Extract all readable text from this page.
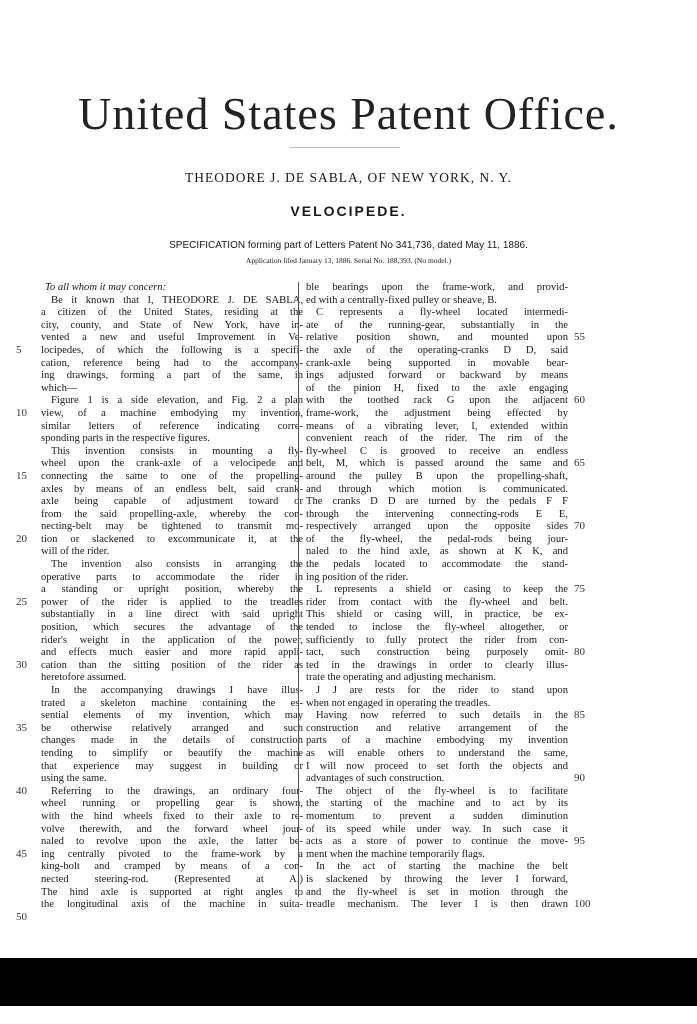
United States Patent Office.

THEODORE J. DE SABLA, OF NEW YORK, N. Y.

VELOCIPEDE.

SPECIFICATION forming part of Letters Patent No 341,736, dated May 11, 1886.

Application filed January 13, 1886. Serial No. 188,393. (No model.)

To all whom it may concern:
Be it known that I, THEODORE J. DE SABLA,
a citizen of the United States, residing at the
city, county, and State of New York, have in-
vented a new and useful Improvement in Ve-
locipedes, of which the following is a specifi-
cation, reference being had to the accompany-
ing drawings, forming a part of the same, in
which—
Figure 1 is a side elevation, and Fig. 2 a plan
view, of a machine embodying my invention,
similar letters of reference indicating corre-
sponding parts in the respective figures.
This invention consists in mounting a fly-
wheel upon the crank-axle of a velocipede and
connecting the same to one of the propelling-
axles by means of an endless belt, said crank-
axle being capable of adjustment toward or
from the said propelling-axle, whereby the con-
necting-belt may be tightened to transmit mo-
tion or slackened to excommunicate it, at the
will of the rider.
The invention also consists in arranging the
operative parts to accommodate the rider in
a standing or upright position, whereby the
power of the rider is applied to the treadles
substantially in a line direct with said upright
position, which secures the advantage of the
rider's weight in the application of the power,
and effects much easier and more rapid appli-
cation than the sitting position of the rider as
heretofore assumed.
In the accompanying drawings I have illus-
trated a skeleton machine containing the es-
sential elements of my invention, which may
be otherwise relatively arranged and such
changes made in the details of construction
tending to simplify or beautify the machine
that experience may suggest in building or
using the same.
Referring to the drawings, an ordinary four-
wheel running or propelling gear is shown,
with the hind wheels fixed to their axle to re-
volve therewith, and the forward wheel jour-
naled to revolve upon the axle, the latter be-
ing centrally pivoted to the frame-work by a
king-bolt and cramped by means of a con-
nected steering-rod. (Represented at A.)
The hind axle is supported at right angles to
the longitudinal axis of the machine in suita-
ble bearings upon the frame-work, and provid-
ed with a centrally-fixed pulley or sheave, B.
C represents a fly-wheel located intermedi-
ate of the running-gear, substantially in the
relative position shown, and mounted upon
the axle of the operating-cranks D D, said
crank-axle being supported in movable bear-
ings adjusted forward or backward by means
of the pinion H, fixed to the axle engaging
with the toothed rack G upon the adjacent
frame-work, the adjustment being effected by
means of a vibrating lever, I, extended within
convenient reach of the rider. The rim of the
fly-wheel C is grooved to receive an endless
belt, M, which is passed around the same and
around the pulley B upon the propelling-shaft,
and through which motion is communicated.
The cranks D D are turned by the pedals F F
through the intervening connecting-rods E E,
respectively arranged upon the opposite sides
of the fly-wheel, the pedal-rods being jour-
naled to the hind axle, as shown at K K, and
the pedals located to accommodate the stand-
ing position of the rider.
L represents a shield or casing to keep the
rider from contact with the fly-wheel and belt.
This shield or casing will, in practice, be ex-
tended to inclose the fly-wheel altogether, or
sufficiently to fully protect the rider from con-
tact, such construction being purposely omit-
ted in the drawings in order to clearly illus-
trate the operating and adjusting mechanism.
J J are rests for the rider to stand upon
when not engaged in operating the treadles.
Having now referred to such details in the
construction and relative arrangement of the
parts of a machine embodying my invention
as will enable others to understand the same,
I will now proceed to set forth the objects and
advantages of such construction.
The object of the fly-wheel is to facilitate
the starting of the machine and to act by its
momentum to prevent a sudden diminution
of its speed while under way. In such case it
acts as a store of power to continue the move-
ment when the machine temporarily flags.
In the act of starting the machine the belt
is slackened by throwing the lever I forward,
and the fly-wheel is set in motion through the
treadle mechanism. The lever I is then drawn
5
10
15
20
25
30
35
40
45
50
55
60
65
70
75
80
85
90
95
100
